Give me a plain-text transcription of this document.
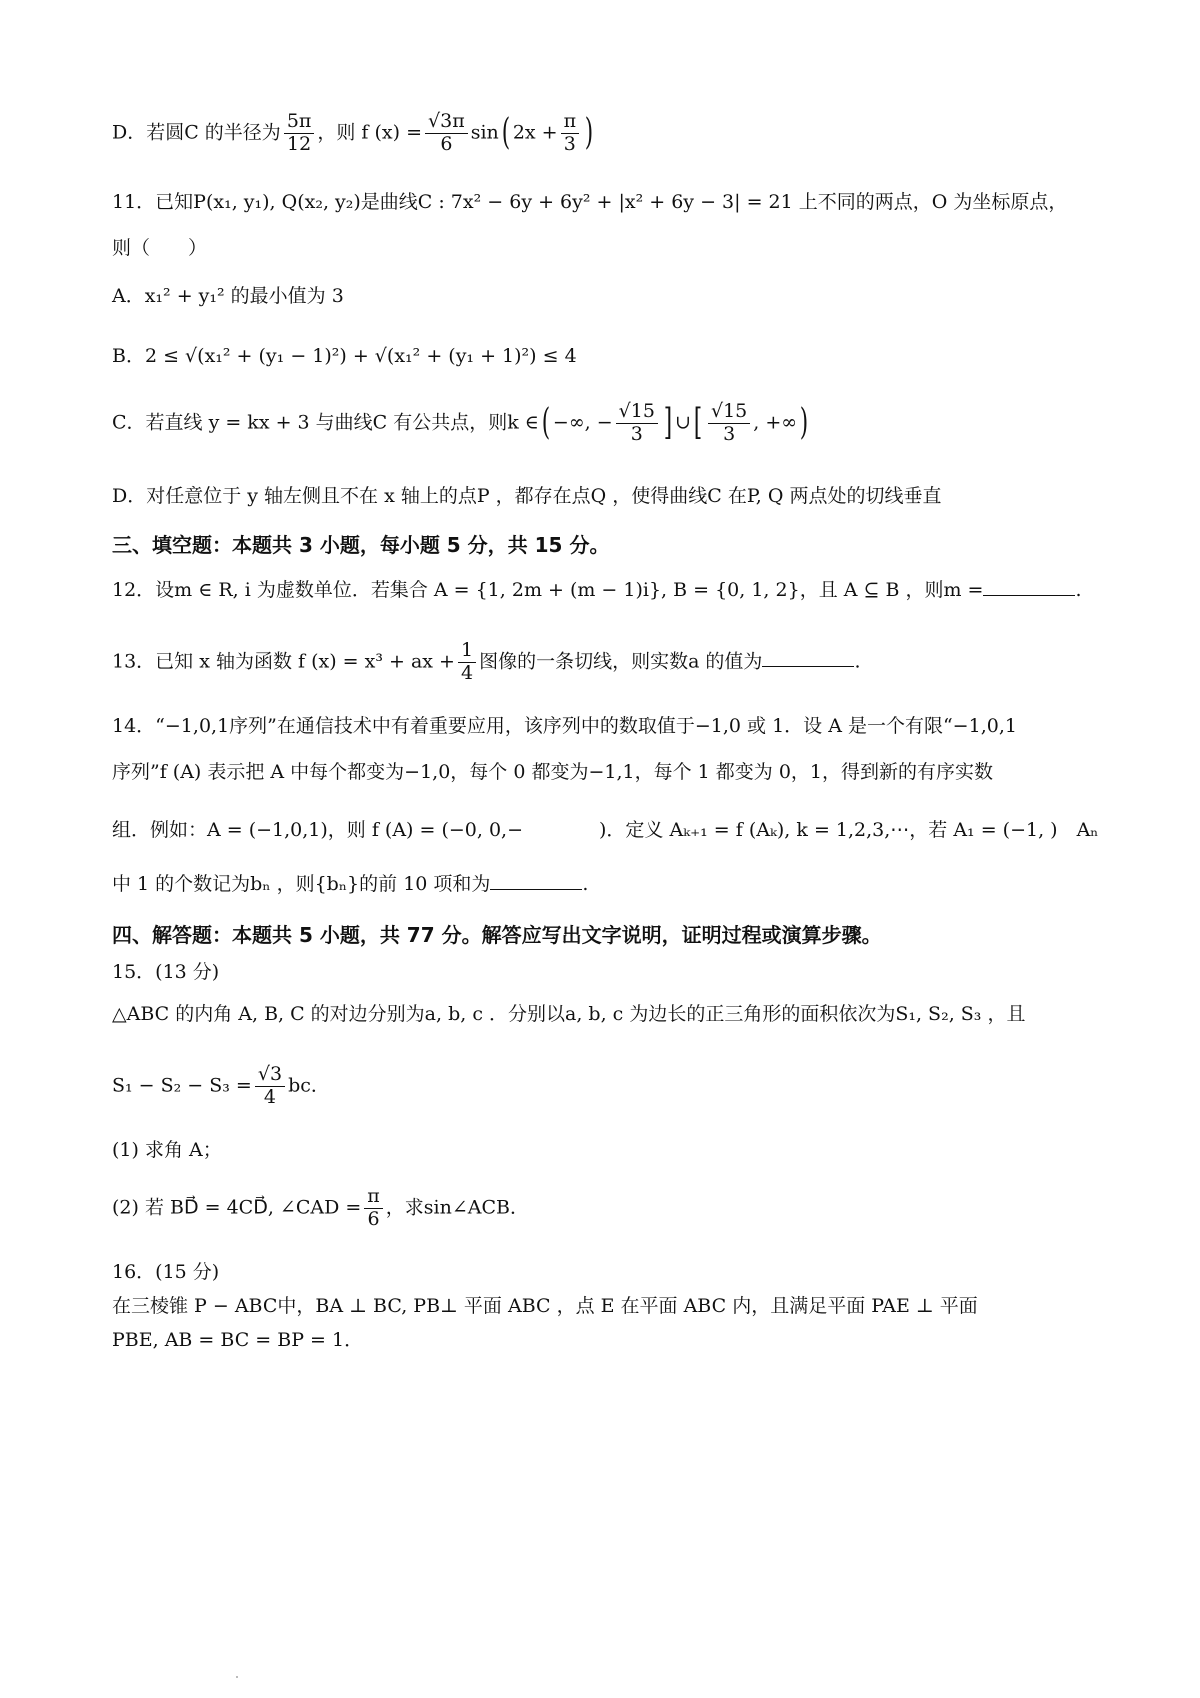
D．若圆C 的半径为 $\frac{5\pi}{12}$ ，则 f $(x) = \frac{√3\pi}{6} \sin$( $2x + \frac{\pi}{3}$ )
11．已知P(x₁, y₁), Q(x₂, y₂)是曲线C : 7x² − 6y + 6y² + |x² + 6y − 3| = 21 上不同的两点，O 为坐标原点，
则（　　）
A．x₁² + y₁² 的最小值为 3
B．2 ≤ √(x₁² + (y₁ − 1)²) + √(x₁² + (y₁ + 1)²) ≤ 4
C．若直线 y = kx + 3 与曲线C 有公共点，则k ∈( −∞, − $\frac{√15}{3}$ ] ∪[ $\frac{√15}{3}$ , +∞)
D．对任意位于 y 轴左侧且不在 x 轴上的点P ，都存在点Q ，使得曲线C 在P, Q 两点处的切线垂直
三、填空题：本题共 3 小题，每小题 5 分，共 15 分。
12．设m ∈ R, i 为虚数单位．若集合 A = {1, 2m + (m − 1)i}, B = {0, 1, 2}，且 A ⊆ B ，则m =	.
13．已知 x 轴为函数 f (x) = x³ + ax + $\frac{1}{4}$ 图像的一条切线，则实数a 的值为	.
14．“−1,0,1序列”在通信技术中有着重要应用，该序列中的数取值于−1,0 或 1．设 A 是一个有限“−1,0,1
序列”f (A) 表示把 A 中每个都变为−1,0，每个 0 都变为−1,1，每个 1 都变为 0，1，得到新的有序实数
组．例如：A = (−1,0,1)，则 f (A) = (−0, 0,−　　　　)．定义 Aₖ₊₁ = f (Aₖ), k = 1,2,3,⋯，若 A₁ = (−1, )　Aₙ
中 1 的个数记为bₙ ，则{bₙ}的前 10 项和为	.
四、解答题：本题共 5 小题，共 77 分。解答应写出文字说明，证明过程或演算步骤。
15．(13 分)
△ABC 的内角 A, B, C 的对边分别为a, b, c ．分别以a, b, c 为边长的正三角形的面积依次为S₁, S₂, S₃ ，且
$S_1 - S_2 - S_3 = \frac{√3}{4}$ bc．
(1) 求角 A；
(2) 若 BD⃗ = 4CD⃗, ∠CAD = $\frac{\pi}{6}$ ，求sin∠ACB．
16．(15 分)
在三棱锥 P − ABC中，BA ⊥ BC, PB⊥ 平面 ABC ，点 E 在平面 ABC 内，且满足平面 PAE ⊥ 平面
PBE, AB = BC = BP = 1．
